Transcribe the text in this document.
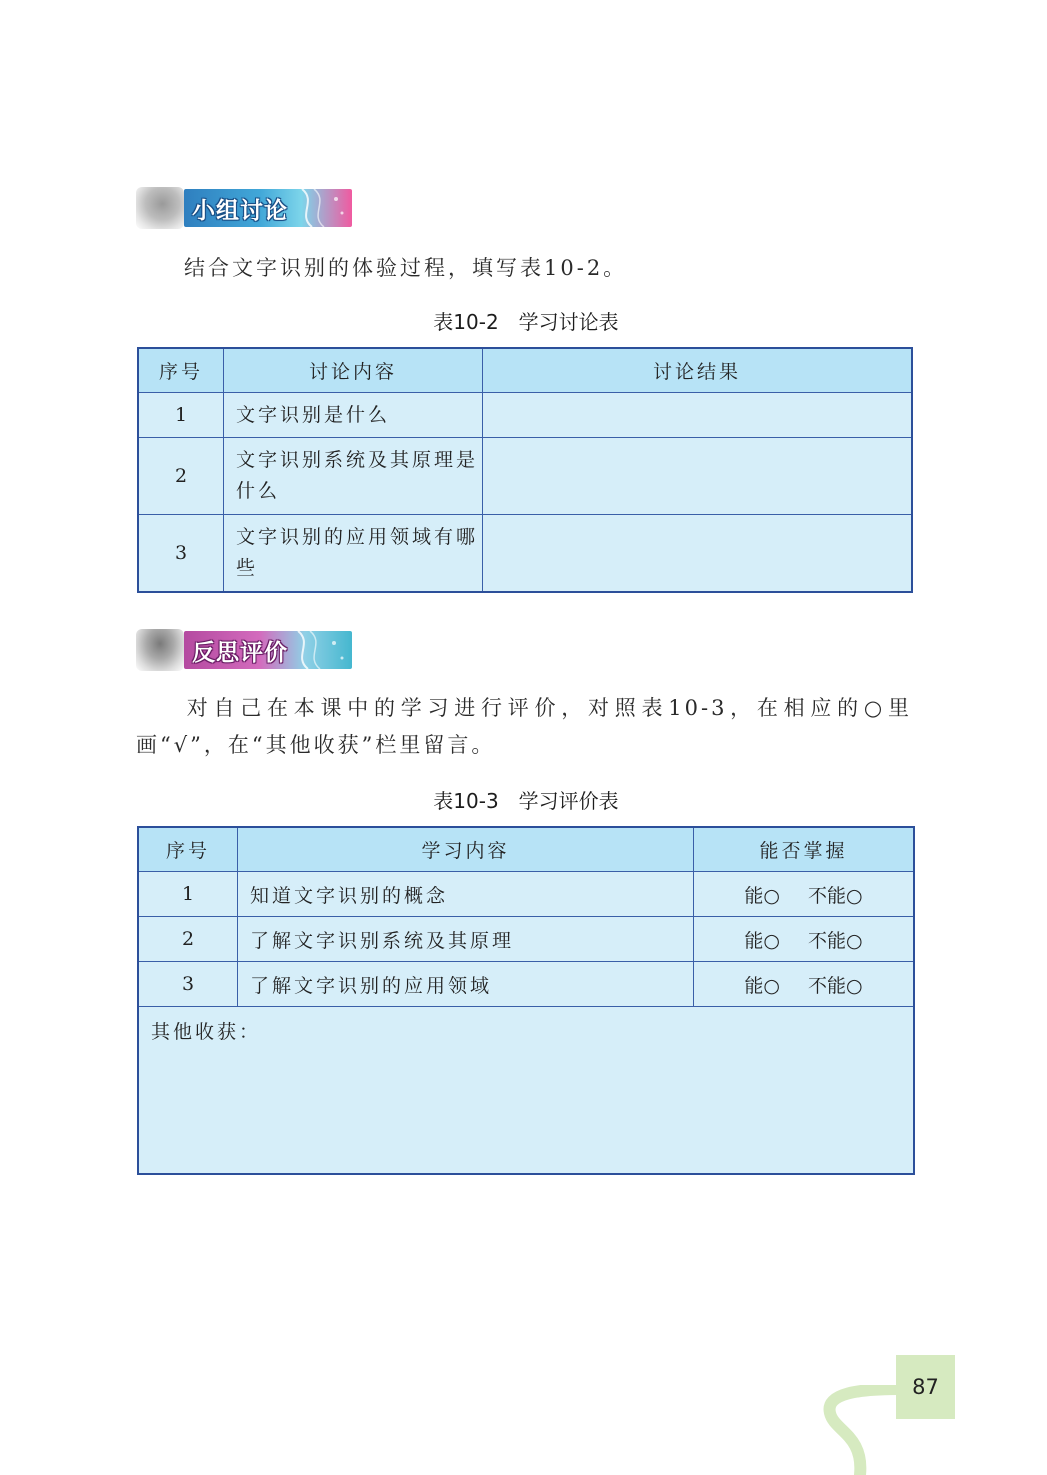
小组讨论
结合文字识别的体验过程，填写表10-2。
表10-2　学习讨论表
序号	讨论内容	讨论结果
1	文字识别是什么	
2	文字识别系统及其原理是什么	
3	文字识别的应用领域有哪些	
反思评价
对自己在本课中的学习进行评价，对照表10-3，在相应的○里画“√”，在“其他收获”栏里留言。
表10-3　学习评价表
序号	学习内容	能否掌握
1	知道文字识别的概念	能○ 不能○
2	了解文字识别系统及其原理	能○ 不能○
3	了解文字识别的应用领域	能○ 不能○
其他收获：		
87
